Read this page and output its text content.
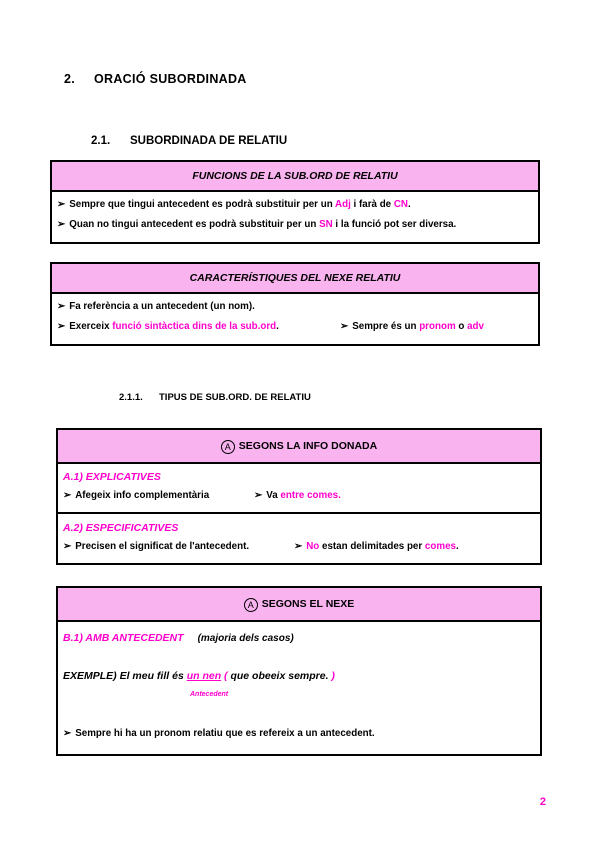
2. ORACIÓ SUBORDINADA
2.1. SUBORDINADA DE RELATIU
FUNCIONS DE LA SUB.ORD DE RELATIU
➢ Sempre que tingui antecedent es podrà substituir per un Adj i farà de CN.
➢ Quan no tingui antecedent es podrà substituir per un SN i la funció pot ser diversa.
CARACTERÍSTIQUES DEL NEXE RELATIU
➢ Fa referència a un antecedent (un nom).
➢ Exerceix funció sintàctica dins de la sub.ord.	➢ Sempre és un pronom o adv
2.1.1. TIPUS DE SUB.ORD. DE RELATIU
A SEGONS LA INFO DONADA
A.1) EXPLICATIVES
➢ Afegeix info complementària	➢ Va entre comes.
A.2) ESPECIFICATIVES
➢ Precisen el significat de l'antecedent.	➢ No estan delimitades per comes.
A SEGONS EL NEXE
B.1) AMB ANTECEDENT (majoria dels casos)
EXEMPLE) El meu fill és un nen ( que obeeix sempre. )
Antecedent
➢ Sempre hi ha un pronom relatiu que es refereix a un antecedent.
2
